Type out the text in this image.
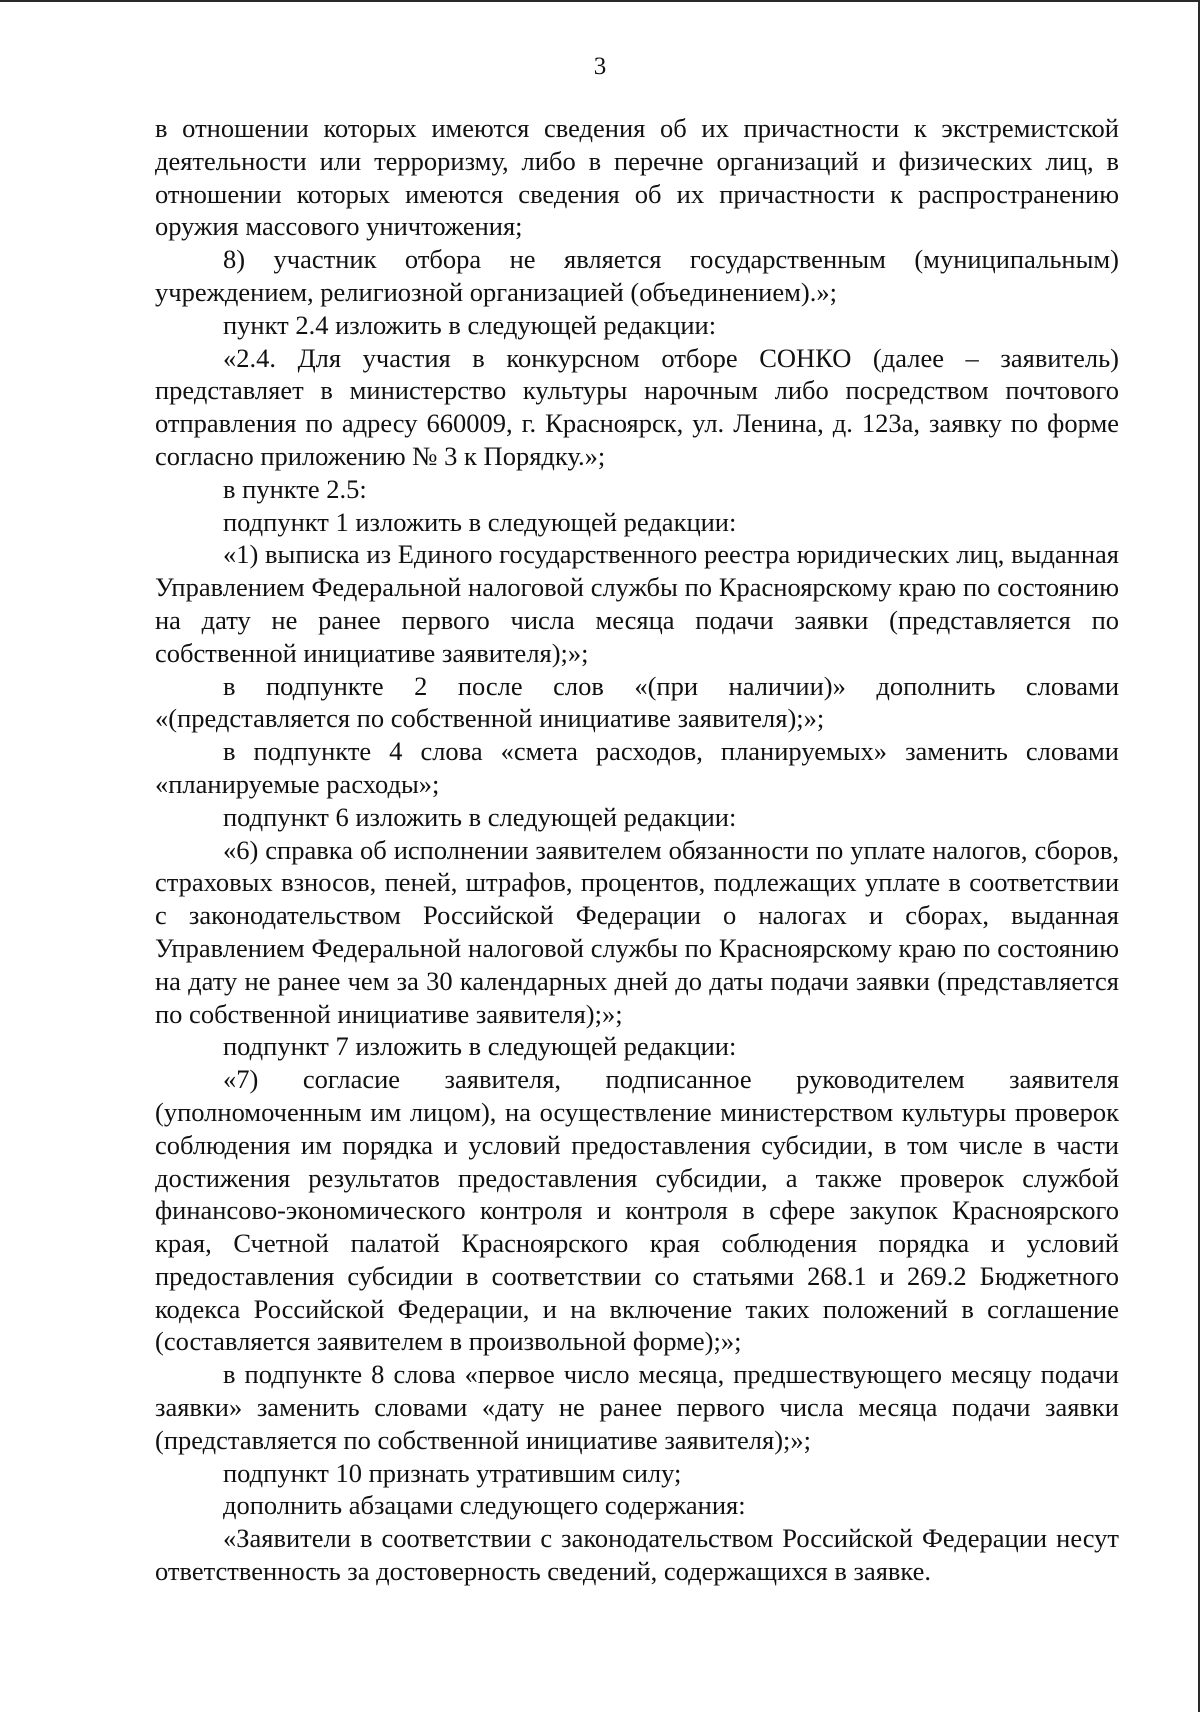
3

в отношении которых имеются сведения об их причастности к экстремистской деятельности или терроризму, либо в перечне организаций и физических лиц, в отношении которых имеются сведения об их причастности к распространению оружия массового уничтожения;

8) участник отбора не является государственным (муниципальным) учреждением, религиозной организацией (объединением).»;

пункт 2.4 изложить в следующей редакции:

«2.4. Для участия в конкурсном отборе СОНКО (далее – заявитель) представляет в министерство культуры нарочным либо посредством почтового отправления по адресу 660009, г. Красноярск, ул. Ленина, д. 123а, заявку по форме согласно приложению № 3 к Порядку.»;

в пункте 2.5:

подпункт 1 изложить в следующей редакции:

«1) выписка из Единого государственного реестра юридических лиц, выданная Управлением Федеральной налоговой службы по Красноярскому краю по состоянию на дату не ранее первого числа месяца подачи заявки (представляется по собственной инициативе заявителя);»;

в подпункте 2 после слов «(при наличии)» дополнить словами «(представляется по собственной инициативе заявителя);»;

в подпункте 4 слова «смета расходов, планируемых» заменить словами «планируемые расходы»;

подпункт 6 изложить в следующей редакции:

«6) справка об исполнении заявителем обязанности по уплате налогов, сборов, страховых взносов, пеней, штрафов, процентов, подлежащих уплате в соответствии с законодательством Российской Федерации о налогах и сборах, выданная Управлением Федеральной налоговой службы по Красноярскому краю по состоянию на дату не ранее чем за 30 календарных дней до даты подачи заявки (представляется по собственной инициативе заявителя);»;

подпункт 7 изложить в следующей редакции:

«7) согласие заявителя, подписанное руководителем заявителя (уполномоченным им лицом), на осуществление министерством культуры проверок соблюдения им порядка и условий предоставления субсидии, в том числе в части достижения результатов предоставления субсидии, а также проверок службой финансово-экономического контроля и контроля в сфере закупок Красноярского края, Счетной палатой Красноярского края соблюдения порядка и условий предоставления субсидии в соответствии со статьями 268.1 и 269.2 Бюджетного кодекса Российской Федерации, и на включение таких положений в соглашение (составляется заявителем в произвольной форме);»;

в подпункте 8 слова «первое число месяца, предшествующего месяцу подачи заявки» заменить словами «дату не ранее первого числа месяца подачи заявки (представляется по собственной инициативе заявителя);»;

подпункт 10 признать утратившим силу;

дополнить абзацами следующего содержания:

«Заявители в соответствии с законодательством Российской Федерации несут ответственность за достоверность сведений, содержащихся в заявке.
